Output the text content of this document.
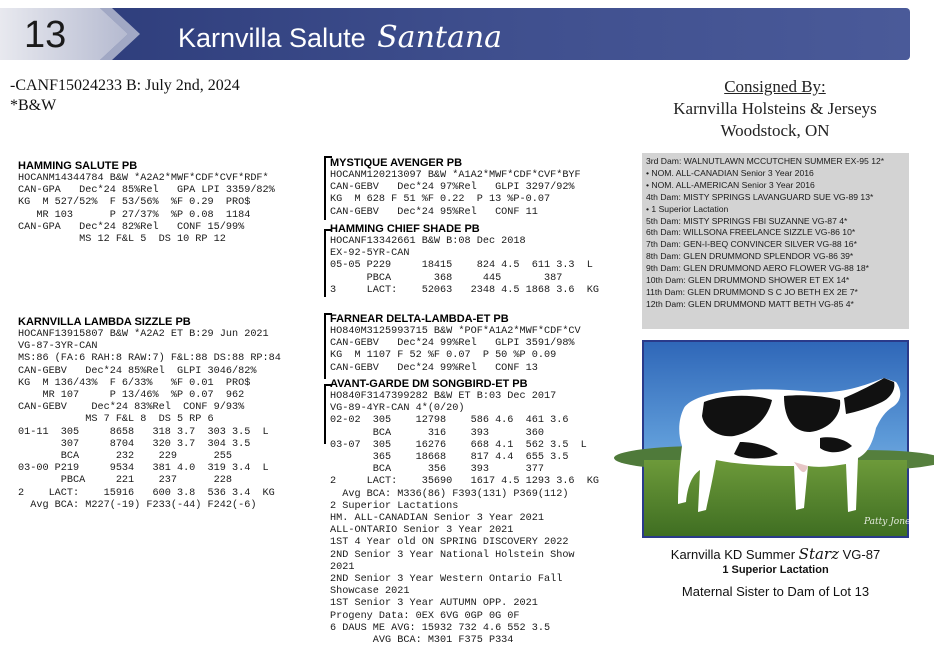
13	Karnvilla Salute Santana
-CANF15024233 B: July 2nd, 2024
*B&W
Consigned By:
Karnvilla Holsteins & Jerseys
Woodstock, ON
HAMMING SALUTE PB
HOCANM14344784 B&W *A2A2*MWF*CDF*CVF*RDF*
CAN-GPA   Dec*24 85%Rel   GPA LPI 3359/82%
KG  M 527/52%  F 53/56%  %F 0.29  PRO$
MR 103      P 27/37%  %P 0.08  1184
CAN-GPA   Dec*24 82%Rel   CONF 15/99%
MS 12 F&L 5  DS 10 RP 12
KARNVILLA LAMBDA SIZZLE PB
HOCANF13915807 B&W *A2A2 ET B:29 Jun 2021
VG-87-3YR-CAN
MS:86 (FA:6 RAH:8 RAW:7) F&L:88 DS:88 RP:84
CAN-GEBV   Dec*24 85%Rel  GLPI 3046/82%
KG  M 136/43%  F 6/33%   %F 0.01  PRO$
MR 107     P 13/46%  %P 0.07  962
CAN-GEBV    Dec*24 83%Rel  CONF 9/93%
MS 7 F&L 8  DS 5 RP 6
01-11  305     8658   318 3.7  303 3.5  L
307     8704   320 3.7  304 3.5
BCA      232    229      255
03-00 P219     9534   381 4.0  319 3.4  L
PBCA     221    237      228
2    LACT:    15916   600 3.8  536 3.4  KG
Avg BCA: M227(-19) F233(-44) F242(-6)
MYSTIQUE AVENGER PB
HOCANM120213097 B&W *A1A2*MWF*CDF*CVF*BYF
CAN-GEBV   Dec*24 97%Rel   GLPI 3297/92%
KG  M 628 F 51 %F 0.22  P 13 %P-0.07
CAN-GEBV   Dec*24 95%Rel   CONF 11
HAMMING CHIEF SHADE PB
HOCANF13342661 B&W B:08 Dec 2018
EX-92-5YR-CAN
05-05 P229     18415    824 4.5  611 3.3  L
PBCA       368     445       387
3     LACT:    52063   2348 4.5 1868 3.6  KG
FARNEAR DELTA-LAMBDA-ET PB
HO840M3125993715 B&W *POF*A1A2*MWF*CDF*CV
CAN-GEBV   Dec*24 99%Rel   GLPI 3591/98%
KG  M 1107 F 52 %F 0.07  P 50 %P 0.09
CAN-GEBV   Dec*24 99%Rel   CONF 13
AVANT-GARDE DM SONGBIRD-ET PB
HO840F3147399282 B&W ET B:03 Dec 2017
VG-89-4YR-CAN 4*(0/20)
02-02  305    12798    586 4.6  461 3.6
BCA      316    393      360
03-07  305    16276    668 4.1  562 3.5  L
365    18668    817 4.4  655 3.5
BCA      356    393      377
2     LACT:    35690   1617 4.5 1293 3.6  KG
Avg BCA: M336(86) F393(131) P369(112)
2 Superior Lactations
HM. ALL-CANADIAN Senior 3 Year 2021
ALL-ONTARIO Senior 3 Year 2021
1ST 4 Year old ON SPRING DISCOVERY 2022
2ND Senior 3 Year National Holstein Show
2021
2ND Senior 3 Year Western Ontario Fall
Showcase 2021
1ST Senior 3 Year AUTUMN OPP. 2021
Progeny Data: 0EX 6VG 0GP 0G 0F
6 DAUS ME AVG: 15932 732 4.6 552 3.5
AVG BCA: M301 F375 P334
3rd Dam: WALNUTLAWN MCCUTCHEN SUMMER EX-95 12*
• NOM. ALL-CANADIAN Senior 3 Year 2016
• NOM. ALL-AMERICAN Senior 3 Year 2016
4th Dam: MISTY SPRINGS LAVANGUARD SUE VG-89 13*
• 1 Superior Lactation
5th Dam: MISTY SPRINGS FBI SUZANNE VG-87 4*
6th Dam: WILLSONA FREELANCE SIZZLE VG-86 10*
7th Dam: GEN-I-BEQ CONVINCER SILVER VG-88 16*
8th Dam: GLEN DRUMMOND SPLENDOR VG-86 39*
9th Dam: GLEN DRUMMOND AERO FLOWER VG-88 18*
10th Dam: GLEN DRUMMOND SHOWER ET EX 14*
11th Dam: GLEN DRUMMOND S C JO BETH EX 2E 7*
12th Dam: GLEN DRUMMOND MATT BETH VG-85 4*
Patty Jones
Karnvilla KD Summer Starz VG-87
1 Superior Lactation
Maternal Sister to Dam of Lot 13
